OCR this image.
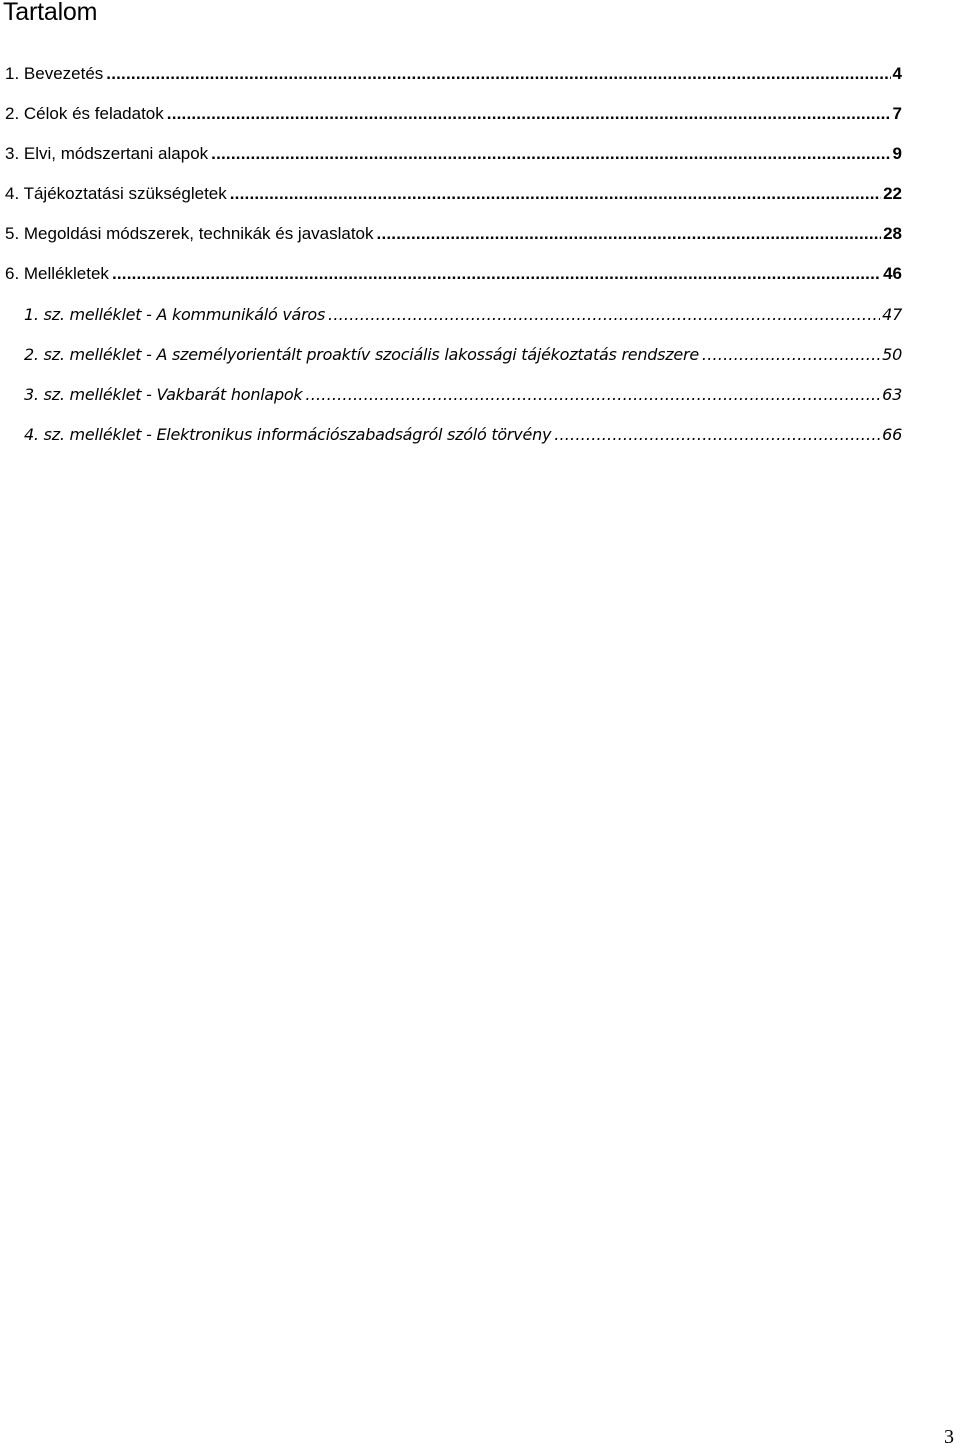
Tartalom
1. Bevezetés .....	4
2. Célok és feladatok .....	7
3. Elvi, módszertani alapok .....	9
4. Tájékoztatási szükségletek .....	22
5. Megoldási módszerek, technikák és javaslatok .....	28
6. Mellékletek .....	46
1. sz. melléklet - A kommunikáló város .....	47
2. sz. melléklet - A személyorientált proaktív szociális lakossági tájékoztatás rendszere .....	50
3. sz. melléklet - Vakbarát honlapok .....	63
4. sz. melléklet - Elektronikus információszabadságról szóló törvény .....	66
3
